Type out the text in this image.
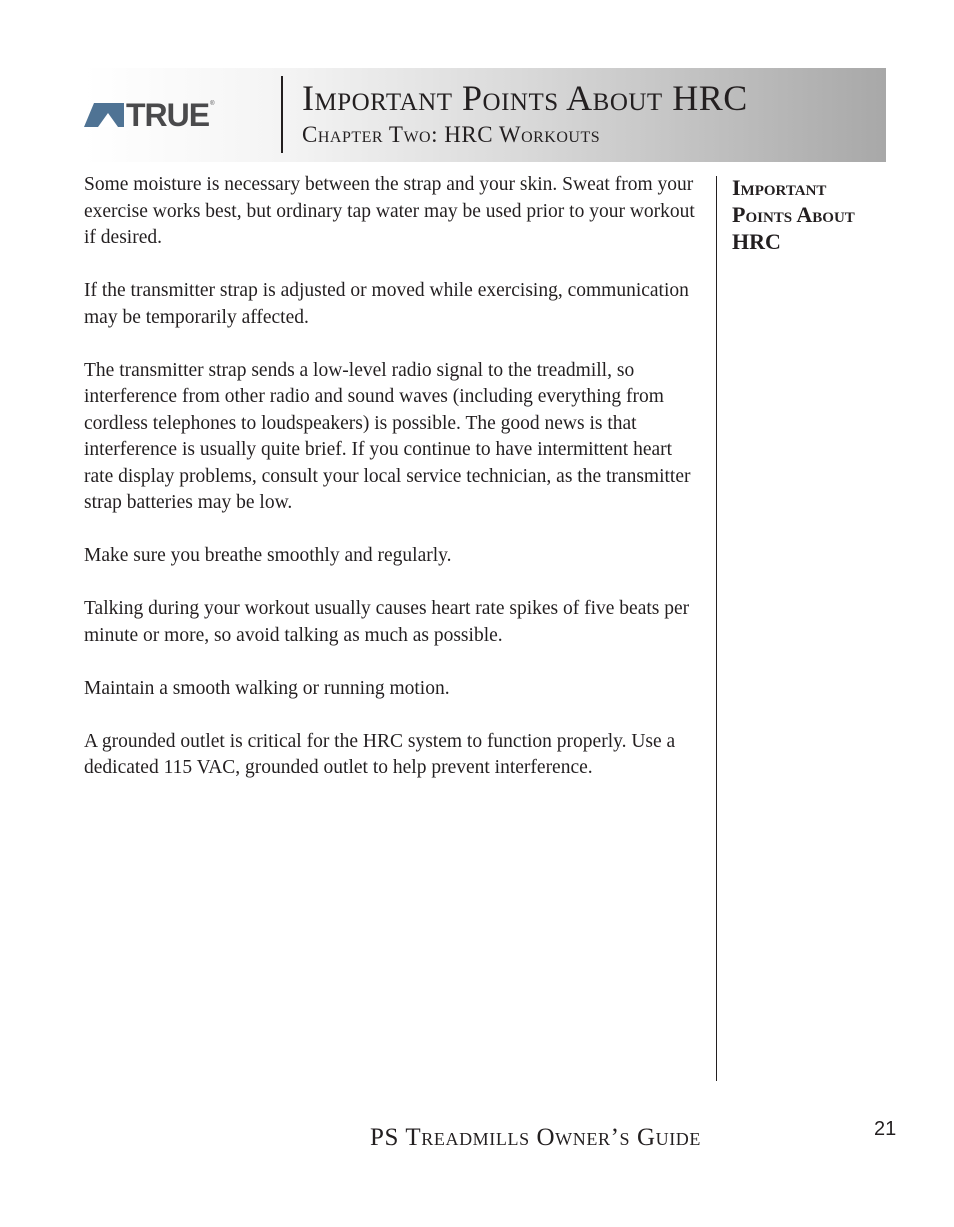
TRUE ® Important Points About HRC
Chapter Two: HRC Workouts

Some moisture is necessary between the strap and your skin. Sweat from your exercise works best, but ordinary tap water may be used prior to your workout if desired.

If the transmitter strap is adjusted or moved while exercising, communication may be temporarily affected.

The transmitter strap sends a low-level radio signal to the treadmill, so interference from other radio and sound waves (including everything from cordless telephones to loudspeakers) is possible. The good news is that interference is usually quite brief. If you continue to have intermittent heart rate display problems, consult your local service technician, as the transmitter strap batteries may be low.

Make sure you breathe smoothly and regularly.

Talking during your workout usually causes heart rate spikes of five beats per minute or more, so avoid talking as much as possible.

Maintain a smooth walking or running motion.

A grounded outlet is critical for the HRC system to function properly. Use a dedicated 115 VAC, grounded outlet to help prevent interference.

Important Points About HRC
PS Treadmills Owner’s Guide	21
